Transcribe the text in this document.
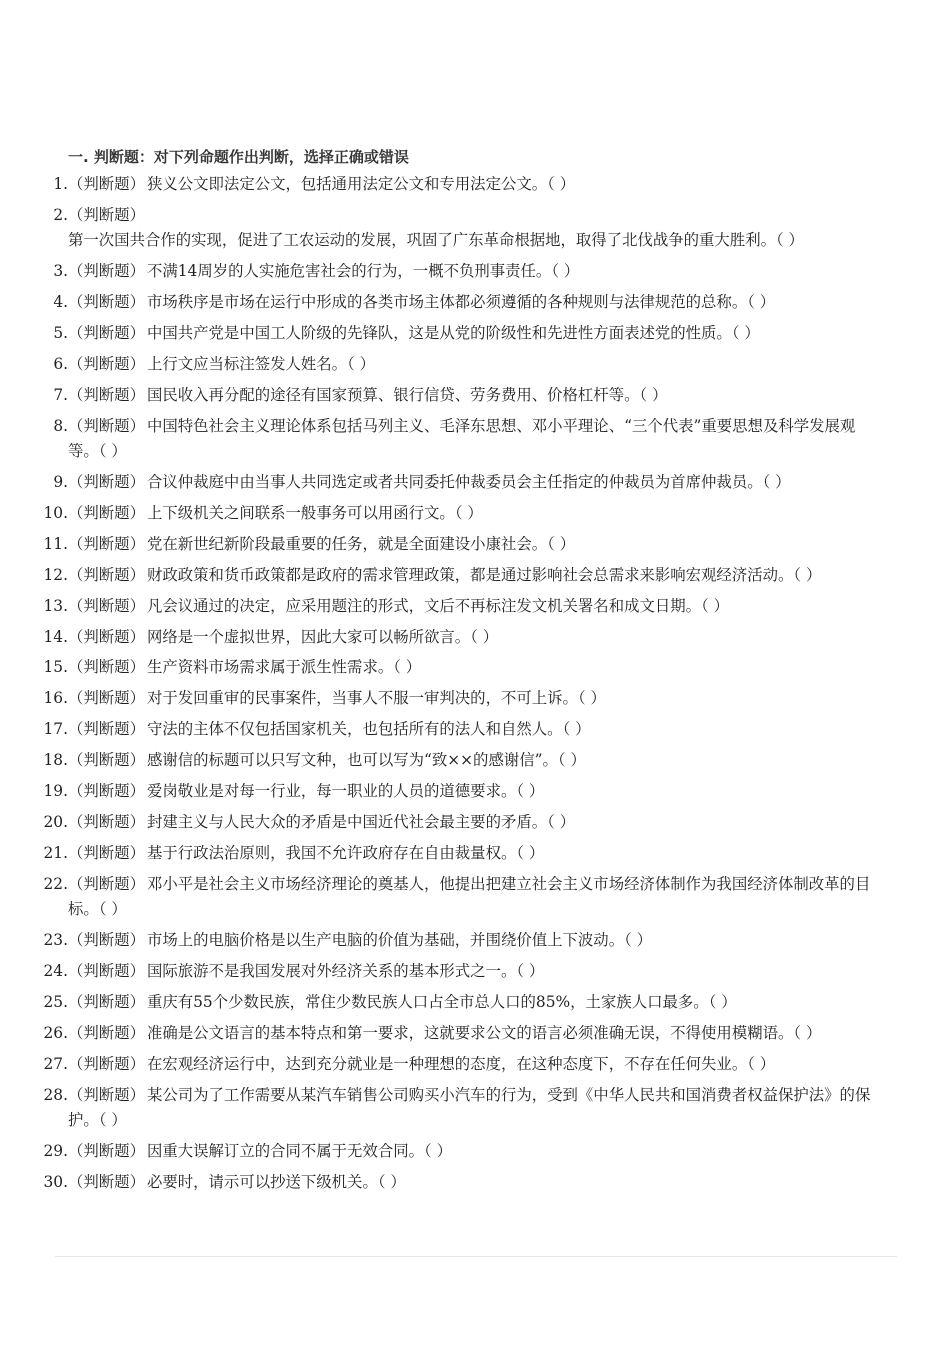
一. 判断题：对下列命题作出判断，选择正确或错误
1. （判断题） 狭义公文即法定公文，包括通用法定公文和专用法定公文。（ ）
2. （判断题）第一次国共合作的实现，促进了工农运动的发展，巩固了广东革命根据地，取得了北伐战争的重大胜利。（ ）
3. （判断题） 不满14周岁的人实施危害社会的行为，一概不负刑事责任。（ ）
4. （判断题） 市场秩序是市场在运行中形成的各类市场主体都必须遵循的各种规则与法律规范的总称。（ ）
5. （判断题） 中国共产党是中国工人阶级的先锋队，这是从党的阶级性和先进性方面表述党的性质。（ ）
6. （判断题） 上行文应当标注签发人姓名。（ ）
7. （判断题） 国民收入再分配的途径有国家预算、银行信贷、劳务费用、价格杠杆等。（ ）
8. （判断题） 中国特色社会主义理论体系包括马列主义、毛泽东思想、邓小平理论、“三个代表”重要思想及科学发展观等。（ ）
9. （判断题） 合议仲裁庭中由当事人共同选定或者共同委托仲裁委员会主任指定的仲裁员为首席仲裁员。（ ）
10. （判断题） 上下级机关之间联系一般事务可以用函行文。（ ）
11. （判断题） 党在新世纪新阶段最重要的任务，就是全面建设小康社会。（ ）
12. （判断题） 财政政策和货币政策都是政府的需求管理政策，都是通过影响社会总需求来影响宏观经济活动。（ ）
13. （判断题） 凡会议通过的决定，应采用题注的形式，文后不再标注发文机关署名和成文日期。（ ）
14. （判断题） 网络是一个虚拟世界，因此大家可以畅所欲言。（ ）
15. （判断题） 生产资料市场需求属于派生性需求。（ ）
16. （判断题） 对于发回重审的民事案件，当事人不服一审判决的，不可上诉。（ ）
17. （判断题） 守法的主体不仅包括国家机关，也包括所有的法人和自然人。（ ）
18. （判断题） 感谢信的标题可以只写文种，也可以写为“致××的感谢信”。（ ）
19. （判断题） 爱岗敬业是对每一行业，每一职业的人员的道德要求。（ ）
20. （判断题） 封建主义与人民大众的矛盾是中国近代社会最主要的矛盾。（ ）
21. （判断题） 基于行政法治原则，我国不允许政府存在自由裁量权。（ ）
22. （判断题） 邓小平是社会主义市场经济理论的奠基人，他提出把建立社会主义市场经济体制作为我国经济体制改革的目标。（ ）
23. （判断题） 市场上的电脑价格是以生产电脑的价值为基础，并围绕价值上下波动。（ ）
24. （判断题） 国际旅游不是我国发展对外经济关系的基本形式之一。（ ）
25. （判断题） 重庆有55个少数民族，常住少数民族人口占全市总人口的85%，土家族人口最多。（ ）
26. （判断题） 准确是公文语言的基本特点和第一要求，这就要求公文的语言必须准确无误，不得使用模糊语。（ ）
27. （判断题） 在宏观经济运行中，达到充分就业是一种理想的态度，在这种态度下，不存在任何失业。（ ）
28. （判断题） 某公司为了工作需要从某汽车销售公司购买小汽车的行为，受到《中华人民共和国消费者权益保护法》的保护。（ ）
29. （判断题） 因重大误解订立的合同不属于无效合同。（ ）
30. （判断题） 必要时，请示可以抄送下级机关。（ ）
